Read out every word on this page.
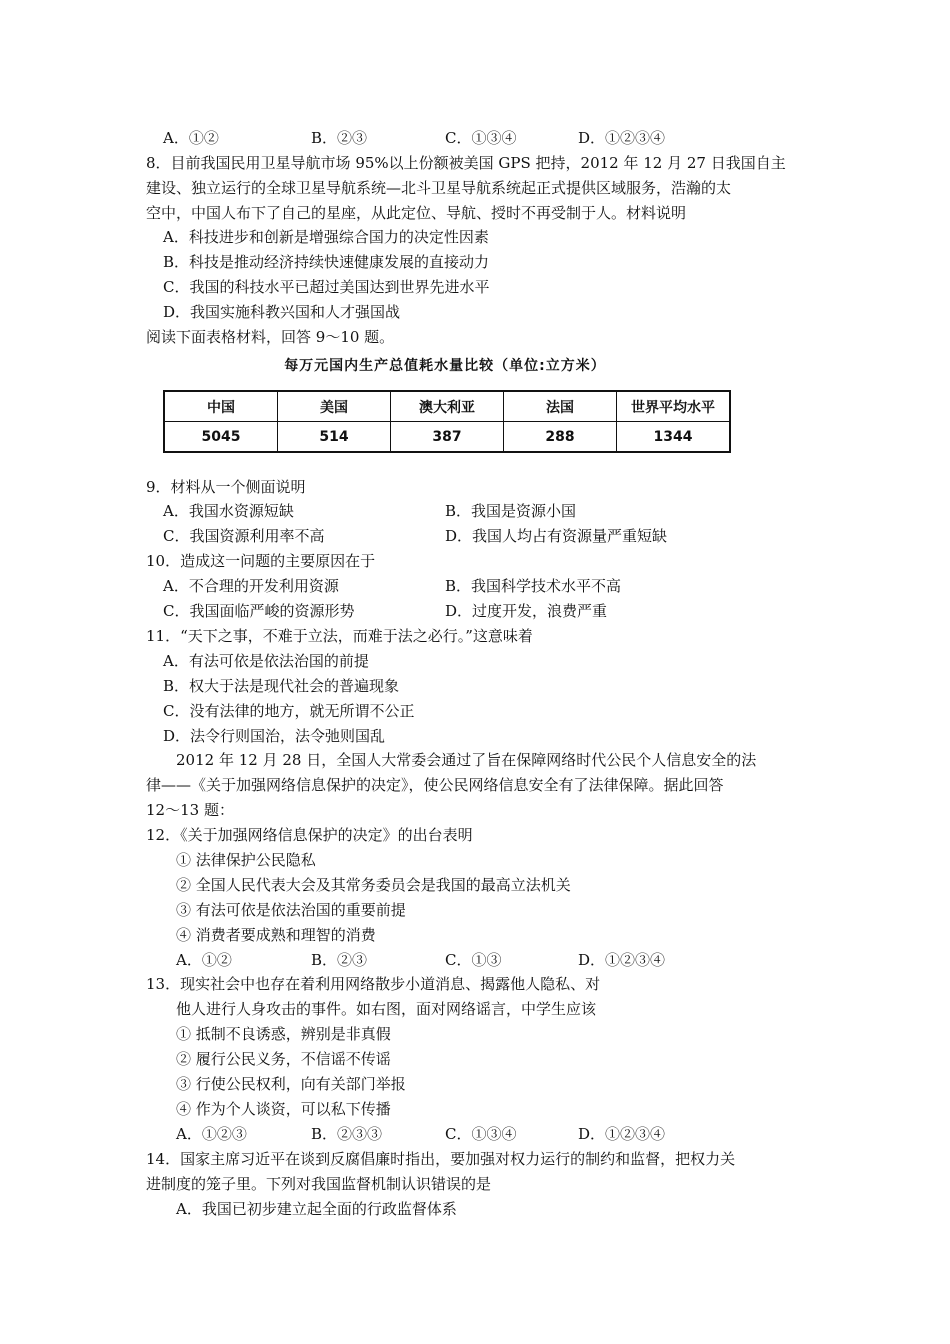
A．①②	B．②③	C．①③④	D．①②③④
8．目前我国民用卫星导航市场 95%以上份额被美国 GPS 把持，2012 年 12 月 27 日我国自主
建设、独立运行的全球卫星导航系统—北斗卫星导航系统起正式提供区域服务，浩瀚的太
空中，中国人布下了自己的星座，从此定位、导航、授时不再受制于人。材料说明
A．科技进步和创新是增强综合国力的决定性因素
B．科技是推动经济持续快速健康发展的直接动力
C．我国的科技水平已超过美国达到世界先进水平
D．我国实施科教兴国和人才强国战
阅读下面表格材料，回答 9～10 题。
每万元国内生产总值耗水量比较（单位:立方米）
中国	美国	澳大利亚	法国	世界平均水平
5045	514	387	288	1344
9．材料从一个侧面说明
A．我国水资源短缺	B．我国是资源小国
C．我国资源利用率不高	D．我国人均占有资源量严重短缺
10．造成这一问题的主要原因在于
A．不合理的开发利用资源	B．我国科学技术水平不高
C．我国面临严峻的资源形势	D．过度开发，浪费严重
11．“天下之事，不难于立法，而难于法之必行。”这意味着
A．有法可依是依法治国的前提
B．权大于法是现代社会的普遍现象
C．没有法律的地方，就无所谓不公正
D．法令行则国治，法令弛则国乱
2012 年 12 月 28 日，全国人大常委会通过了旨在保障网络时代公民个人信息安全的法
律——《关于加强网络信息保护的决定》，使公民网络信息安全有了法律保障。据此回答
12～13 题：
12．《关于加强网络信息保护的决定》的出台表明
① 法律保护公民隐私
② 全国人民代表大会及其常务委员会是我国的最高立法机关
③ 有法可依是依法治国的重要前提
④ 消费者要成熟和理智的消费
A．①②	B．②③	C．①③	D．①②③④
13．现实社会中也存在着利用网络散步小道消息、揭露他人隐私、对
他人进行人身攻击的事件。如右图，面对网络谣言，中学生应该
① 抵制不良诱惑，辨别是非真假
② 履行公民义务，不信谣不传谣
③ 行使公民权利，向有关部门举报
④ 作为个人谈资，可以私下传播
A．①②③	B．②③③	C．①③④	D．①②③④
14．国家主席习近平在谈到反腐倡廉时指出，要加强对权力运行的制约和监督，把权力关
进制度的笼子里。下列对我国监督机制认识错误的是
A．我国已初步建立起全面的行政监督体系
